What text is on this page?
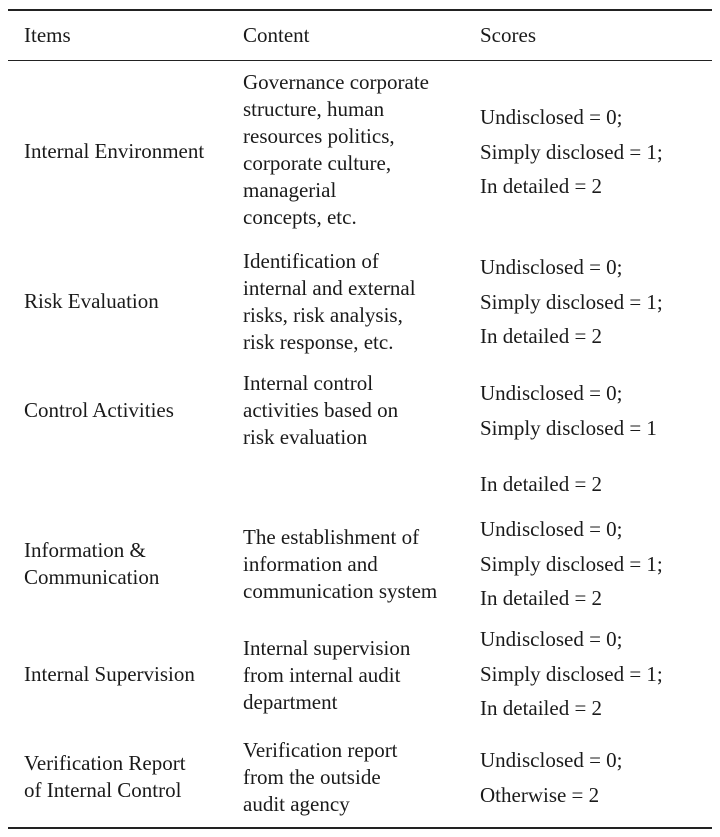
Items	Content	Scores
Internal Environment
Governance corporate
structure, human
resources politics,
corporate culture,
managerial
concepts, etc.
Undisclosed = 0;
Simply disclosed = 1;
In detailed = 2
Risk Evaluation
Identification of
internal and external
risks, risk analysis,
risk response, etc.
Undisclosed = 0;
Simply disclosed = 1;
In detailed = 2
Control Activities
Internal control
activities based on
risk evaluation
Undisclosed = 0;
Simply disclosed = 1
In detailed = 2
Information &
Communication
The establishment of
information and
communication system
Undisclosed = 0;
Simply disclosed = 1;
In detailed = 2
Internal Supervision
Internal supervision
from internal audit
department
Undisclosed = 0;
Simply disclosed = 1;
In detailed = 2
Verification Report
of Internal Control
Verification report
from the outside
audit agency
Undisclosed = 0;
Otherwise = 2
